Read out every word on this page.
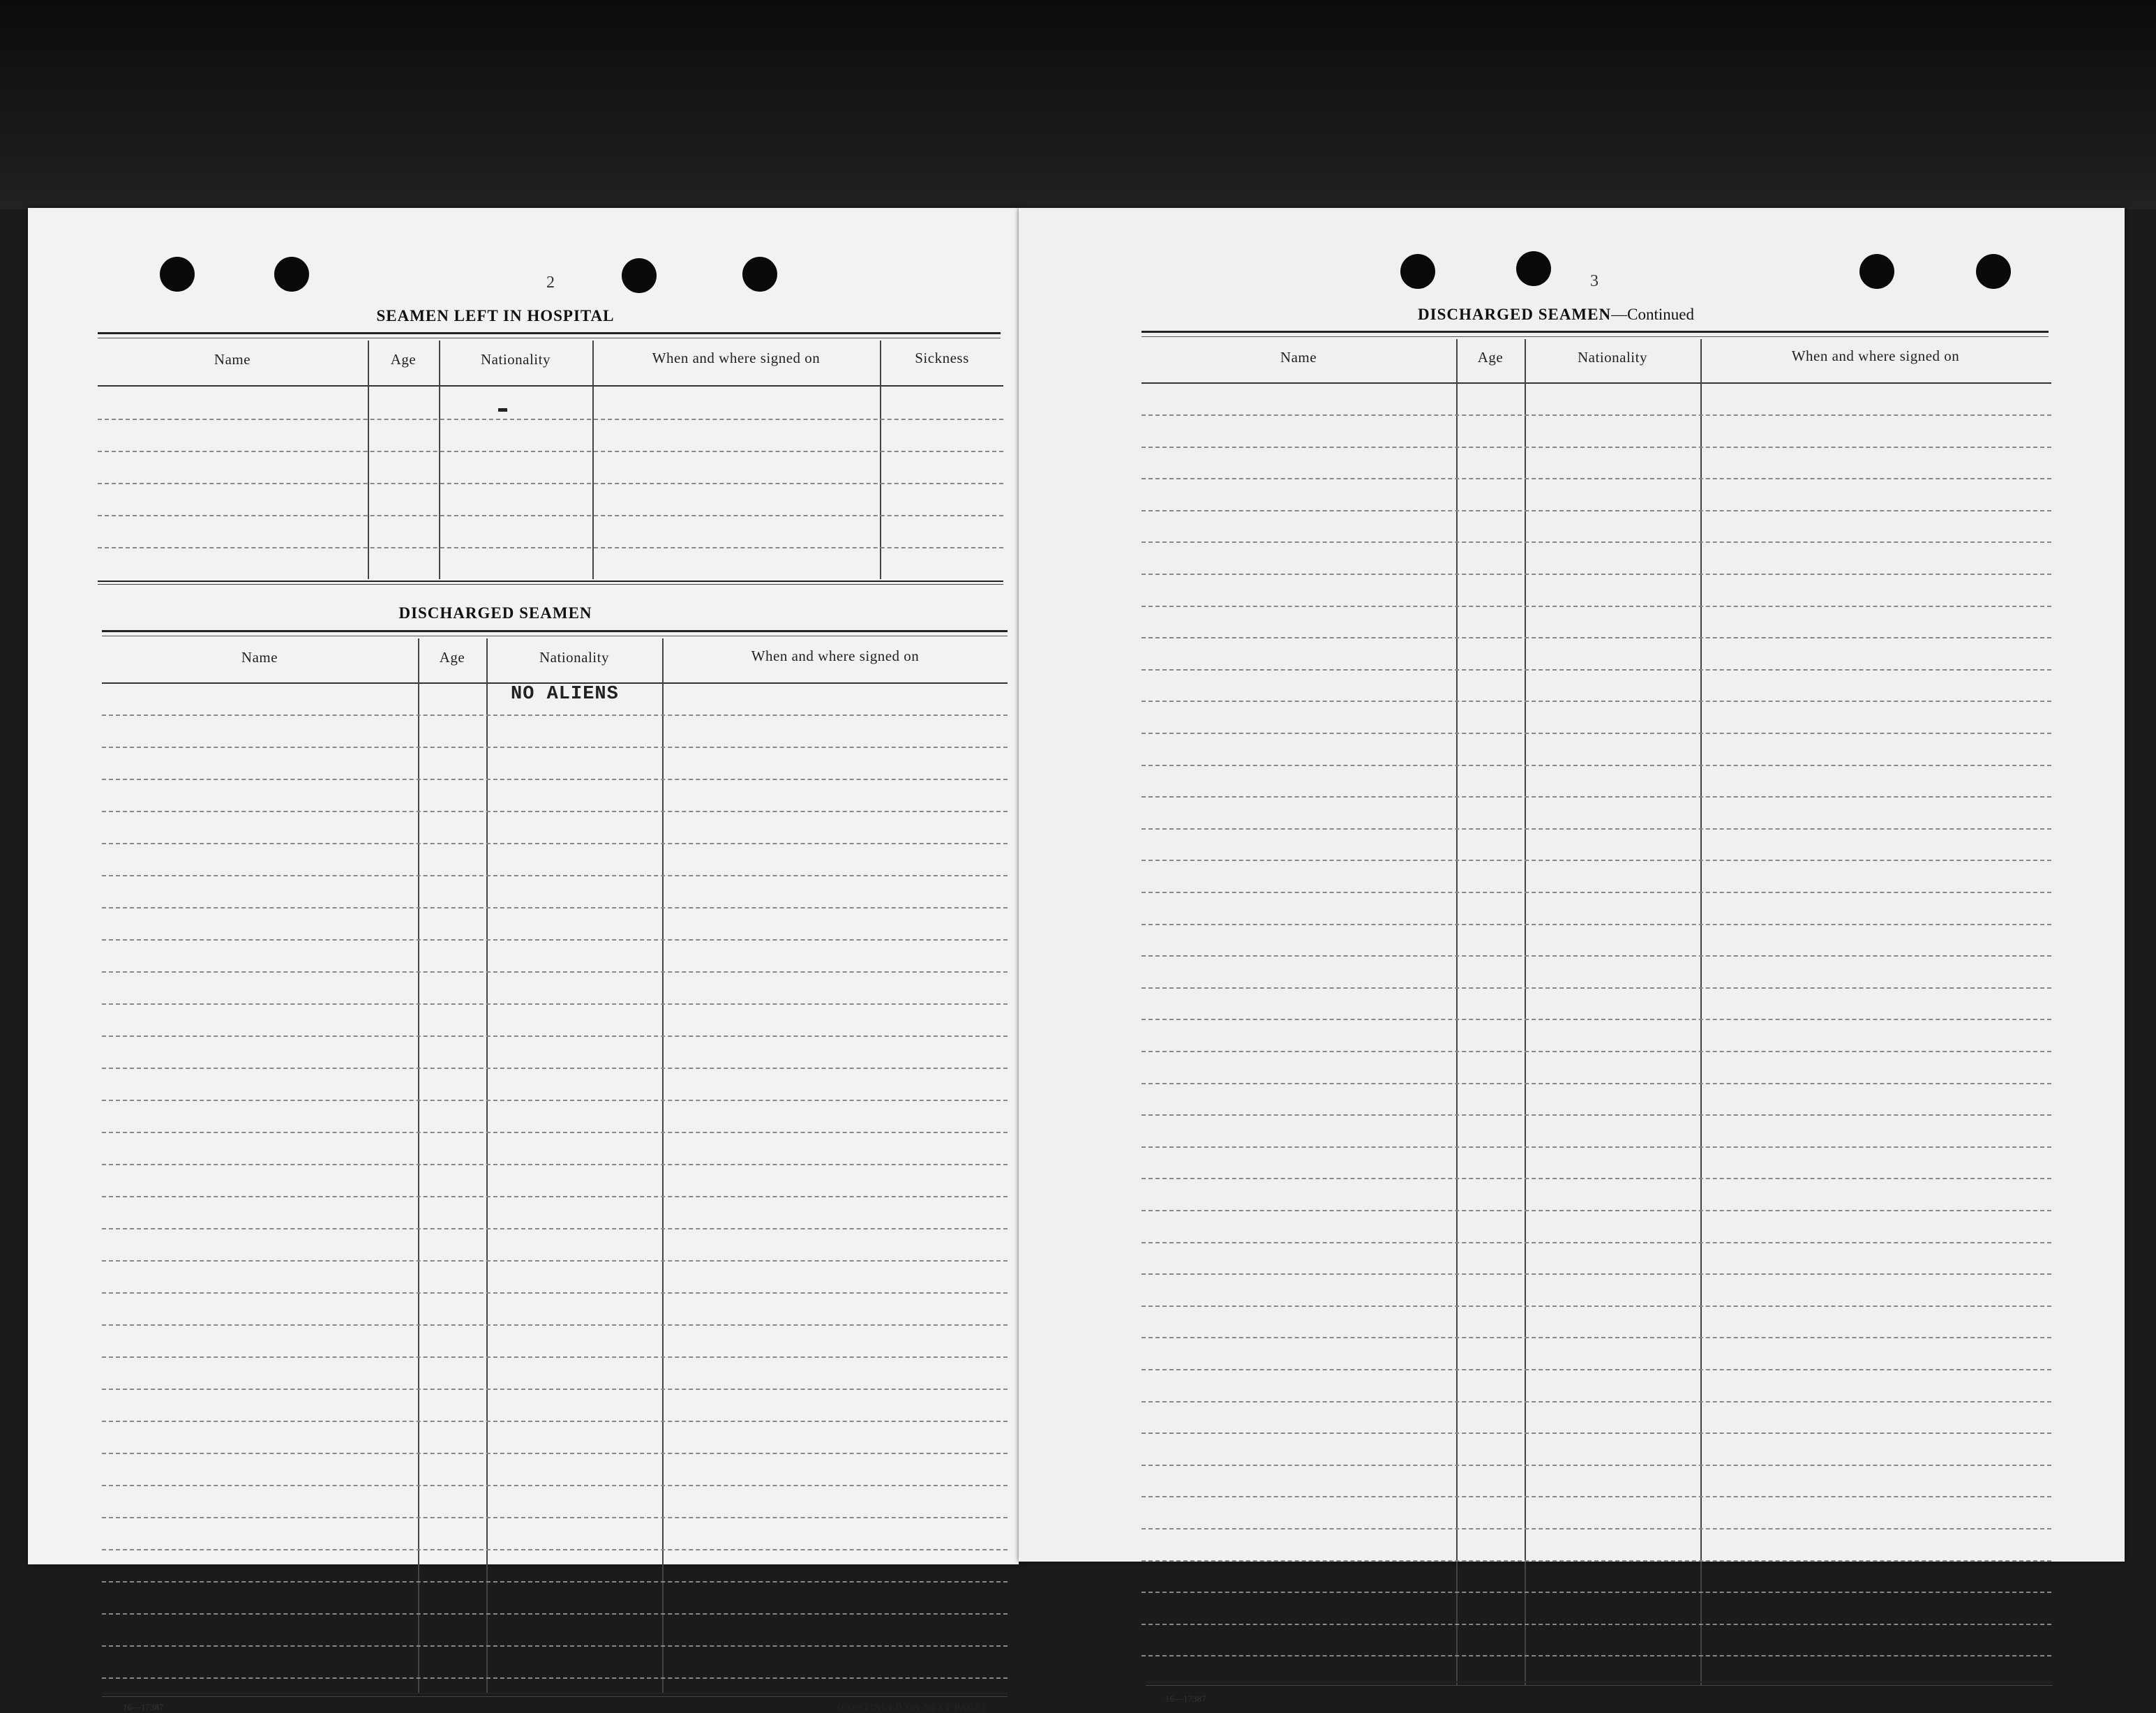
2
SEAMEN LEFT IN HOSPITAL
Name	Age	Nationality	When and where signed on	Sickness
DISCHARGED SEAMEN
Name	Age	Nationality	When and where signed on
NO ALIENS
16—17387	[CONTINUED ON NEXT PAGE]
3
DISCHARGED SEAMEN—Continued
Name	Age	Nationality	When and where signed on
16—17387
